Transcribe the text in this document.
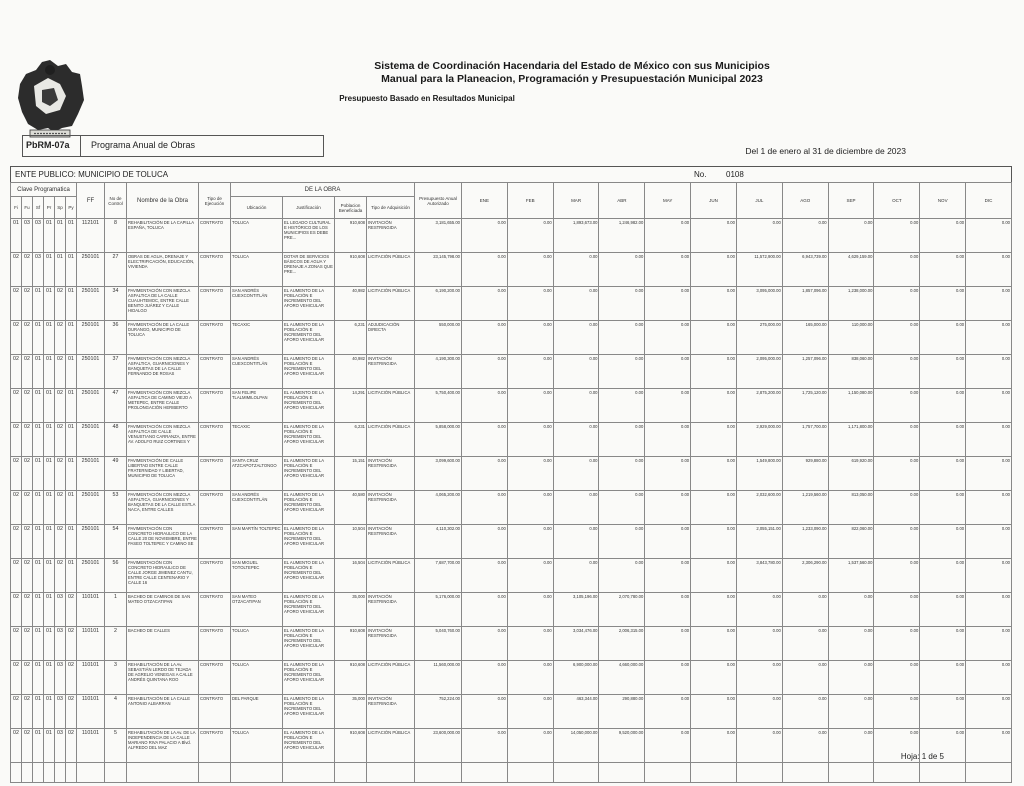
Sistema de Coordinación Hacendaria del Estado de México con sus Municipios
Manual para la Planeacion, Programación y Presupuestación Municipal 2023
Presupuesto Basado en Resultados Municipal
PbRM-07a	Programa Anual de Obras
Del 1 de enero al 31 de diciembre de 2023
ENTE PUBLICO: MUNICIPIO DE TOLUCA	No. 0108
Clave Programatica						FF	No de Control	Nombre de la Obra	Tipo de Ejecución	DE LA OBRA				Presupuesto Anual Autorizado	ENE	FEB	MAR	ABR	MAY	JUN	JUL	AGO	SEP	OCT	NOV	DIC
Fi	Fu	Sf	Pr	Sp	Py					Ubicación	Justificación	Poblacion Beneficiada	Tipo de Adquisición													
01	03	03	01	01	01	112101	8	REHABILITACIÓN DE LA CAPILLA ESPAÑA, TOLUCA	CONTRATO	TOLUCA	EL LEGADO CULTURAL E HISTÓRICO DE LOS MUNICIPIOS ES DEBE PRE...	910,608	INVITACIÓN RESTRINGIDA	3,181,655.00	0.00	0.00	1,893,673.00	1,246,982.00	0.00	0.00	0.00	0.00	0.00	0.00	0.00	0.00
02	02	03	01	01	01	250101	27	OBRAS DE AGUA, DRENAJE Y ELECTRIFICACIÓN, EDUCACIÓN, VIVIENDA	CONTRATO	TOLUCA	DOTAR DE SERVICIOS BÁSICOS DE AGUA Y DRENAJE A ZONAS QUE PRE...	910,608	LICITACIÓN PÚBLICA	23,145,798.00	0.00	0.00	0.00	0.00	0.00	0.00	11,572,900.00	6,943,739.00	4,629,159.00	0.00	0.00	0.00
02	02	01	01	02	01	250101	34	PAVIMENTACIÓN CON MEZCLA ASFALTICA DE LA CALLE CUAUHTEMOC, ENTRE CALLE BENITO JUÁREZ Y CALLE HIDALGO	CONTRATO	SAN ANDRÉS CUEXCONTITLÁN	EL AUMENTO DE LA POBLACIÓN E INCREMENTO DEL AFORO VEHICULAR	40,982	LICITACIÓN PÚBLICA	6,190,200.00	0.00	0.00	0.00	0.00	0.00	0.00	3,095,000.00	1,857,096.00	1,238,000.00	0.00	0.00	0.00
02	02	01	01	02	01	250101	36	PAVIMENTACIÓN DE LA CALLE DURANGO, MUNICIPIO DE TOLUCA	CONTRATO	TECAXIC	EL AUMENTO DE LA POBLACIÓN E INCREMENTO DEL AFORO VEHICULAR	6,231	ADJUDICACIÓN DIRECTA	550,000.00	0.00	0.00	0.00	0.00	0.00	0.00	275,000.00	165,000.00	110,000.00	0.00	0.00	0.00
02	02	01	01	02	01	250101	37	PAVIMENTACIÓN CON MEZCLA ASFALTICA, GUARNICIONES Y BANQUETAS DE LA CALLE FERNANDO DE ROSAS	CONTRATO	SAN ANDRÉS CUEXCONTITLÁN	EL AUMENTO DE LA POBLACIÓN E INCREMENTO DEL AFORO VEHICULAR	40,982	INVITACIÓN RESTRINGIDA	4,190,300.00	0.00	0.00	0.00	0.00	0.00	0.00	2,095,000.00	1,257,096.00	838,060.00	0.00	0.00	0.00
02	02	01	01	02	01	250101	47	PAVIMENTACIÓN CON MEZCLA ASFALTICA DE CAMINO VIEJO A METEPEC, ENTRE CALLE PROLONGACIÓN HERIBERTO	CONTRATO	SAN FELIPE TLALMIMILOLPAN	EL AUMENTO DE LA POBLACIÓN E INCREMENTO DEL AFORO VEHICULAR	14,291	LICITACIÓN PÚBLICA	5,750,400.00	0.00	0.00	0.00	0.00	0.00	0.00	2,875,200.00	1,725,120.00	1,150,080.00	0.00	0.00	0.00
02	02	01	01	02	01	250101	48	PAVIMENTACIÓN CON MEZCLA ASFALTICA DE CALLE VENUSTIANO CARRANZA, ENTRE AV. ADOLFO RUIZ CORTINES Y	CONTRATO	TECAXIC	EL AUMENTO DE LA POBLACIÓN E INCREMENTO DEL AFORO VEHICULAR	6,231	LICITACIÓN PÚBLICA	5,858,000.00	0.00	0.00	0.00	0.00	0.00	0.00	2,929,000.00	1,757,700.00	1,171,800.00	0.00	0.00	0.00
02	02	01	01	02	01	250101	49	PAVIMENTACIÓN DE CALLE LIBERTAD ENTRE CALLE FRATERNIDAD Y LIBERTAD, MUNICIPIO DE TOLUCA	CONTRATO	SANTA CRUZ ATZCAPOTZALTONGO	EL AUMENTO DE LA POBLACIÓN E INCREMENTO DEL AFORO VEHICULAR	15,151	INVITACIÓN RESTRINGIDA	3,099,600.00	0.00	0.00	0.00	0.00	0.00	0.00	1,549,800.00	929,880.00	619,920.00	0.00	0.00	0.00
02	02	01	01	02	01	250101	53	PAVIMENTACIÓN CON MEZCLA ASFALTICA, GUARNICIONES Y BANQUETAS DE LA CALLE ESTLA NACA, ENTRE CALLES	CONTRATO	SAN ANDRÉS CUEXCONTITLÁN	EL AUMENTO DE LA POBLACIÓN E INCREMENTO DEL AFORO VEHICULAR	40,580	INVITACIÓN RESTRINGIDA	4,065,200.00	0.00	0.00	0.00	0.00	0.00	0.00	2,032,600.00	1,219,560.00	813,050.00	0.00	0.00	0.00
02	02	01	01	02	01	250101	54	PAVIMENTACIÓN CON CONCRETO HIDRAULICO DE LA CALLE 20 DE NOVIEMBRE, ENTRE PASEO TOLTEPEC Y CAMINO SE	CONTRATO	SAN MARTÍN TOLTEPEC	EL AUMENTO DE LA POBLACIÓN E INCREMENTO DEL AFORO VEHICULAR	10,504	INVITACIÓN RESTRINGIDA	4,110,302.00	0.00	0.00	0.00	0.00	0.00	0.00	2,055,151.00	1,233,090.00	822,060.00	0.00	0.00	0.00
02	02	01	01	02	01	250101	56	PAVIMENTACIÓN CON CONCRETO HIDRAULICO DE CALLE JORGE JIMENEZ CANTU, ENTRE CALLE CENTENARIO Y CALLE 16	CONTRATO	SAN MIGUEL TOTOLTEPEC	EL AUMENTO DE LA POBLACIÓN E INCREMENTO DEL AFORO VEHICULAR	16,504	LICITACIÓN PÚBLICA	7,687,700.00	0.00	0.00	0.00	0.00	0.00	0.00	3,843,780.00	2,306,290.00	1,537,560.00	0.00	0.00	0.00
02	02	01	01	03	02	110101	1	BACHEO DE CAMINOS DE SAN MATEO OTZACATIPAN	CONTRATO	SAN MATEO OTZACATIPAN	EL AUMENTO DE LA POBLACIÓN E INCREMENTO DEL AFORO VEHICULAR	35,000	INVITACIÓN RESTRINGIDA	5,176,000.00	0.00	0.00	3,105,196.00	2,070,780.00	0.00	0.00	0.00	0.00	0.00	0.00	0.00	0.00
02	02	01	01	03	02	110101	2	BACHEO DE CALLES	CONTRATO	TOLUCA	EL AUMENTO DE LA POBLACIÓN E INCREMENTO DEL AFORO VEHICULAR	910,608	INVITACIÓN RESTRINGIDA	5,040,760.00	0.00	0.00	3,034,476.00	2,006,315.00	0.00	0.00	0.00	0.00	0.00	0.00	0.00	0.00
02	02	01	01	03	02	110101	3	REHABILITACIÓN DE LA Av. SEBASTIÁN LERDO DE TEJADA DE AGRELIO VENEGAS A CALLE ANDRÉS QUINTANA ROO	CONTRATO	TOLUCA	EL AUMENTO DE LA POBLACIÓN E INCREMENTO DEL AFORO VEHICULAR	910,608	LICITACIÓN PÚBLICA	11,560,000.00	0.00	0.00	6,900,000.00	4,660,000.00	0.00	0.00	0.00	0.00	0.00	0.00	0.00	0.00
02	02	01	01	03	02	110101	4	REHABILITACIÓN DE LA CALLE ANTONIO ALBARRAN	CONTRATO	DEL PARQUE	EL AUMENTO DE LA POBLACIÓN E INCREMENTO DEL AFORO VEHICULAR	35,000	INVITACIÓN RESTRINGIDA	752,224.00	0.00	0.00	463,344.00	290,880.00	0.00	0.00	0.00	0.00	0.00	0.00	0.00	0.00
02	02	01	01	03	02	110101	5	REHABILITACIÓN DE LA Av. DE LA INDEPENDENCIA DE LA CALLE MARIANO RIVA PALACIO A Blvd. ALFREDO DEL MAZ	CONTRATO	TOLUCA	EL AUMENTO DE LA POBLACIÓN E INCREMENTO DEL AFORO VEHICULAR	910,608	LICITACIÓN PÚBLICA	23,600,000.00	0.00	0.00	14,050,000.00	9,520,000.00	0.00	0.00	0.00	0.00	0.00	0.00	0.00	0.00

Hoja: 1 de 5
